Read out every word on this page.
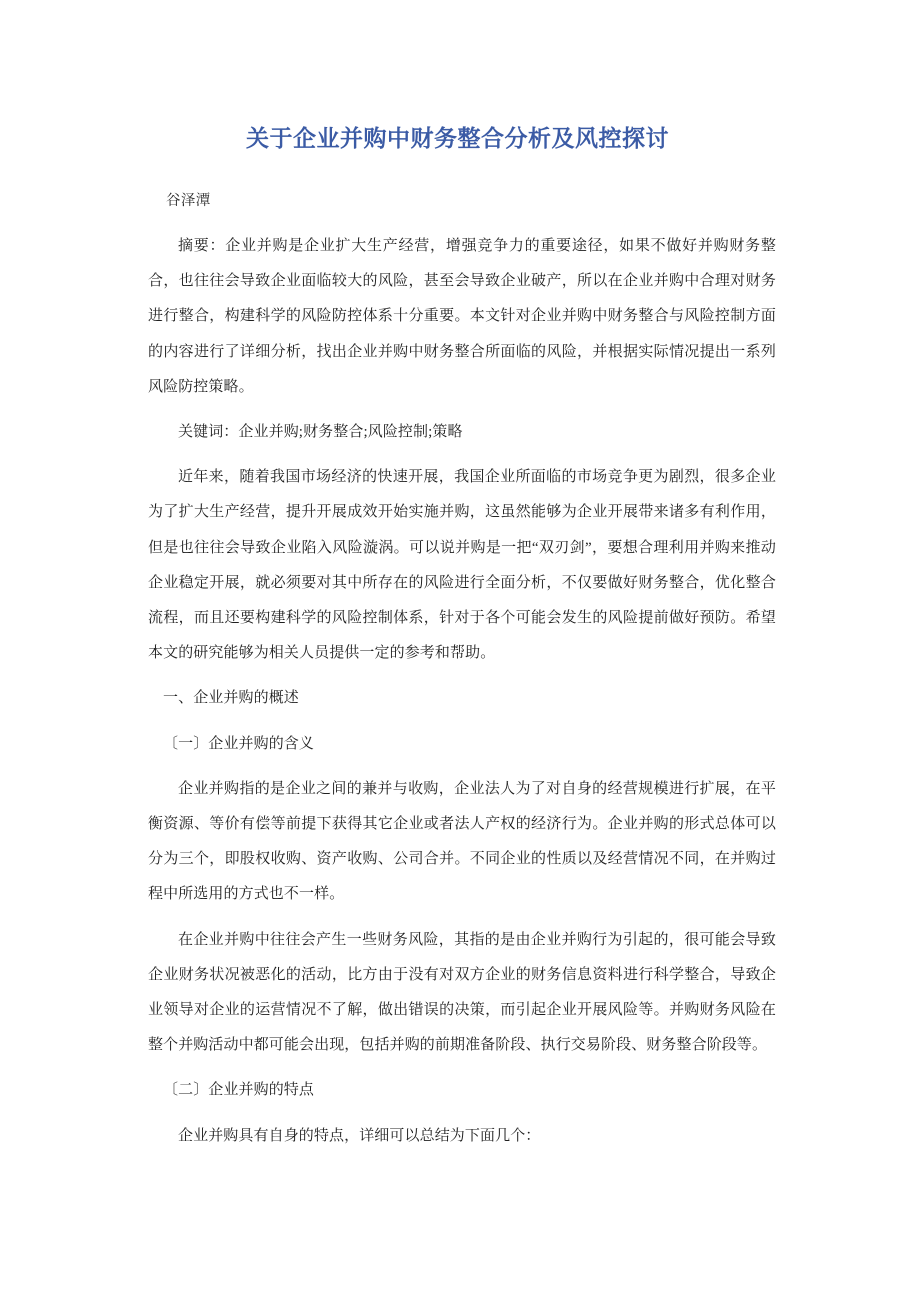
关于企业并购中财务整合分析及风控探讨

谷泽潭

摘要：企业并购是企业扩大生产经营，增强竞争力的重要途径，如果不做好并购财务整合，也往往会导致企业面临较大的风险，甚至会导致企业破产，所以在企业并购中合理对财务进行整合，构建科学的风险防控体系十分重要。本文针对企业并购中财务整合与风险控制方面的内容进行了详细分析，找出企业并购中财务整合所面临的风险，并根据实际情况提出一系列风险防控策略。

关键词：企业并购;财务整合;风险控制;策略

近年来，随着我国市场经济的快速开展，我国企业所面临的市场竞争更为剧烈，很多企业为了扩大生产经营，提升开展成效开始实施并购，这虽然能够为企业开展带来诸多有利作用，但是也往往会导致企业陷入风险漩涡。可以说并购是一把“双刃剑”，要想合理利用并购来推动企业稳定开展，就必须要对其中所存在的风险进行全面分析，不仅要做好财务整合，优化整合流程，而且还要构建科学的风险控制体系，针对于各个可能会发生的风险提前做好预防。希望本文的研究能够为相关人员提供一定的参考和帮助。

一、企业并购的概述

〔一〕企业并购的含义

企业并购指的是企业之间的兼并与收购，企业法人为了对自身的经营规模进行扩展，在平衡资源、等价有偿等前提下获得其它企业或者法人产权的经济行为。企业并购的形式总体可以分为三个，即股权收购、资产收购、公司合并。不同企业的性质以及经营情况不同，在并购过程中所选用的方式也不一样。

在企业并购中往往会产生一些财务风险，其指的是由企业并购行为引起的，很可能会导致企业财务状况被恶化的活动，比方由于没有对双方企业的财务信息资料进行科学整合，导致企业领导对企业的运营情况不了解，做出错误的决策，而引起企业开展风险等。并购财务风险在整个并购活动中都可能会出现，包括并购的前期准备阶段、执行交易阶段、财务整合阶段等。

〔二〕企业并购的特点

企业并购具有自身的特点，详细可以总结为下面几个：
